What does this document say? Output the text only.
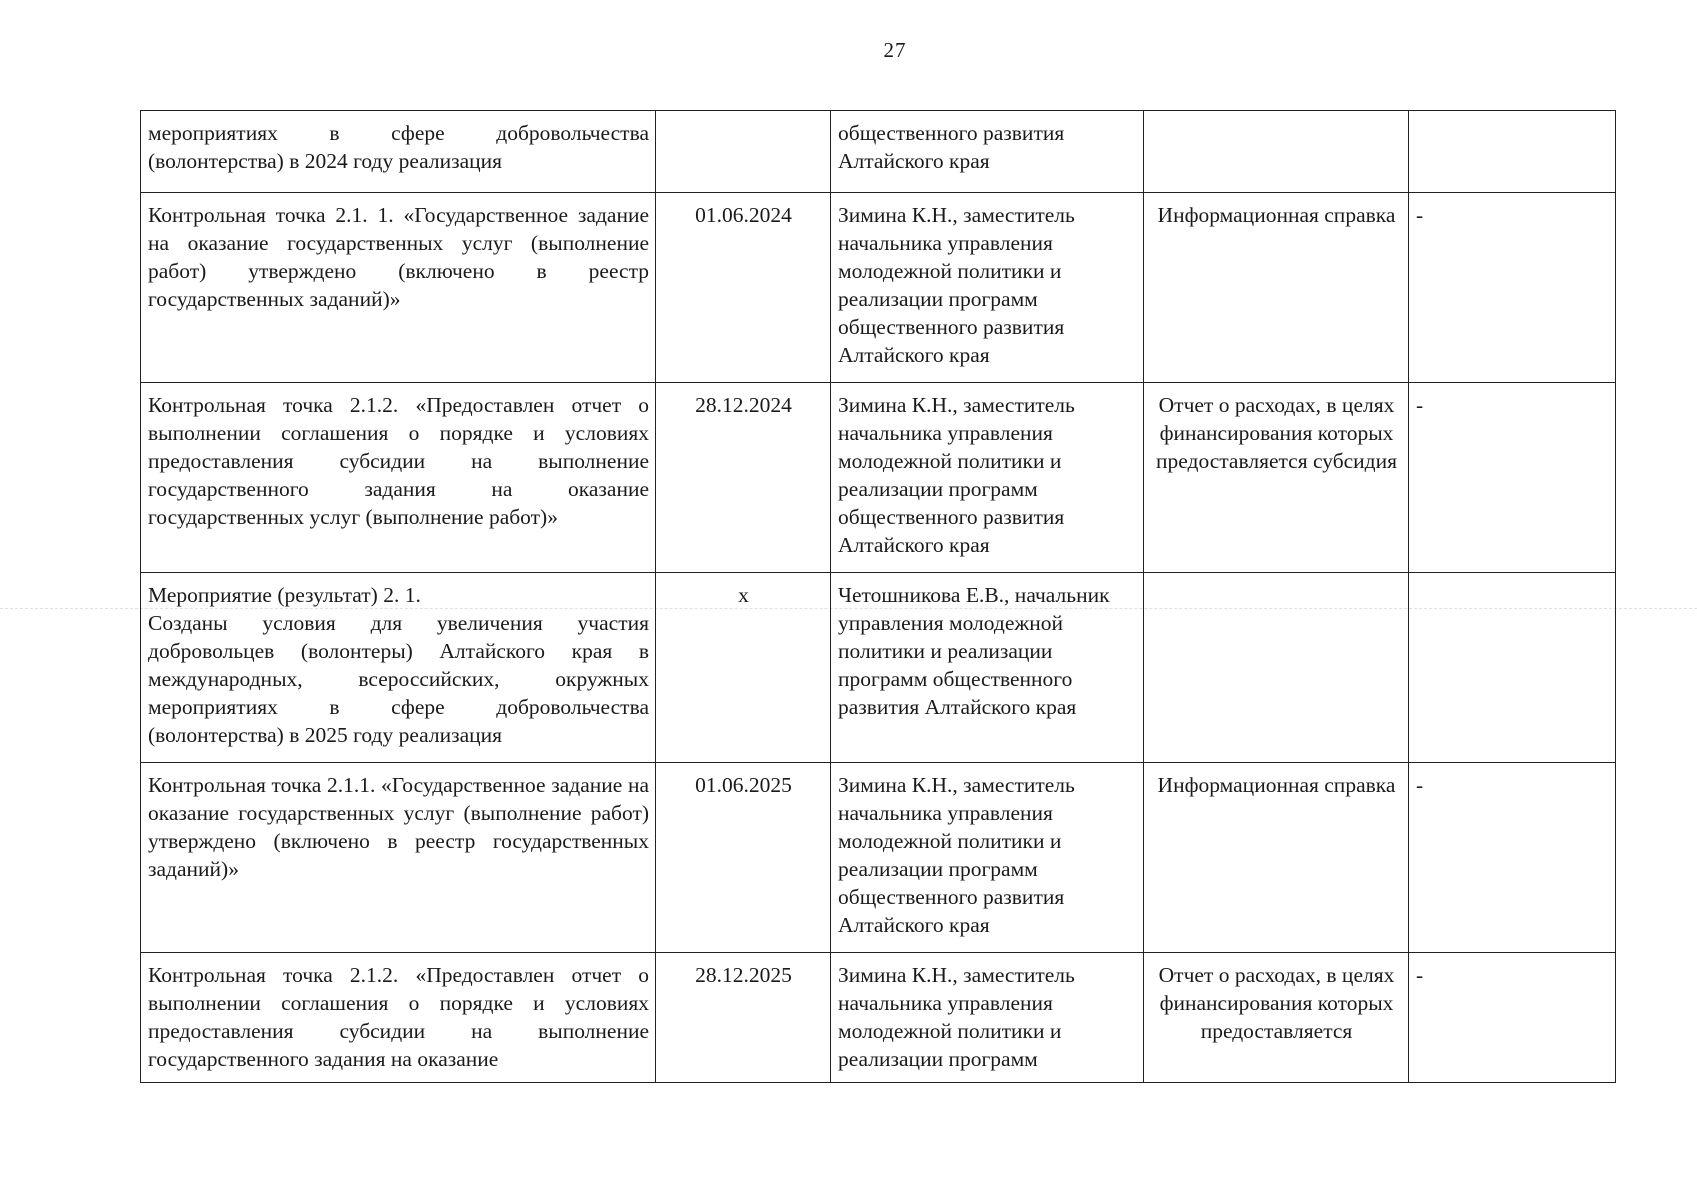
27
мероприятиях в сфере добровольчества (волонтерства) в 2024 году реализация		общественного развития Алтайского края		
Контрольная точка 2.1. 1. «Государственное задание на оказание государственных услуг (выполнение работ) утверждено (включено в реестр государственных заданий)»	01.06.2024	Зимина К.Н., заместитель начальника управления молодежной политики и реализации программ общественного развития Алтайского края	Информационная справка	-
Контрольная точка 2.1.2. «Предоставлен отчет о выполнении соглашения о порядке и условиях предоставления субсидии на выполнение государственного задания на оказание государственных услуг (выполнение работ)»	28.12.2024	Зимина К.Н., заместитель начальника управления молодежной политики и реализации программ общественного развития Алтайского края	Отчет о расходах, в целях финансирования которых предоставляется субсидия	-

Мероприятие (результат) 2. 1.
Созданы условия для увеличения участия добровольцев (волонтеры) Алтайского края в международных, всероссийских, окружных мероприятиях в сфере добровольчества (волонтерства) в 2025 году реализация	х	Четошникова Е.В., начальник управления молодежной политики и реализации программ общественного развития Алтайского края		
Контрольная точка 2.1.1. «Государственное задание на оказание государственных услуг (выполнение работ) утверждено (включено в реестр государственных заданий)»	01.06.2025	Зимина К.Н., заместитель начальника управления молодежной политики и реализации программ общественного развития Алтайского края	Информационная справка	-
Контрольная точка 2.1.2. «Предоставлен отчет о выполнении соглашения о порядке и условиях предоставления субсидии на выполнение государственного задания на оказание	28.12.2025	Зимина К.Н., заместитель начальника управления молодежной политики и реализации программ	Отчет о расходах, в целях финансирования которых предоставляется	-
